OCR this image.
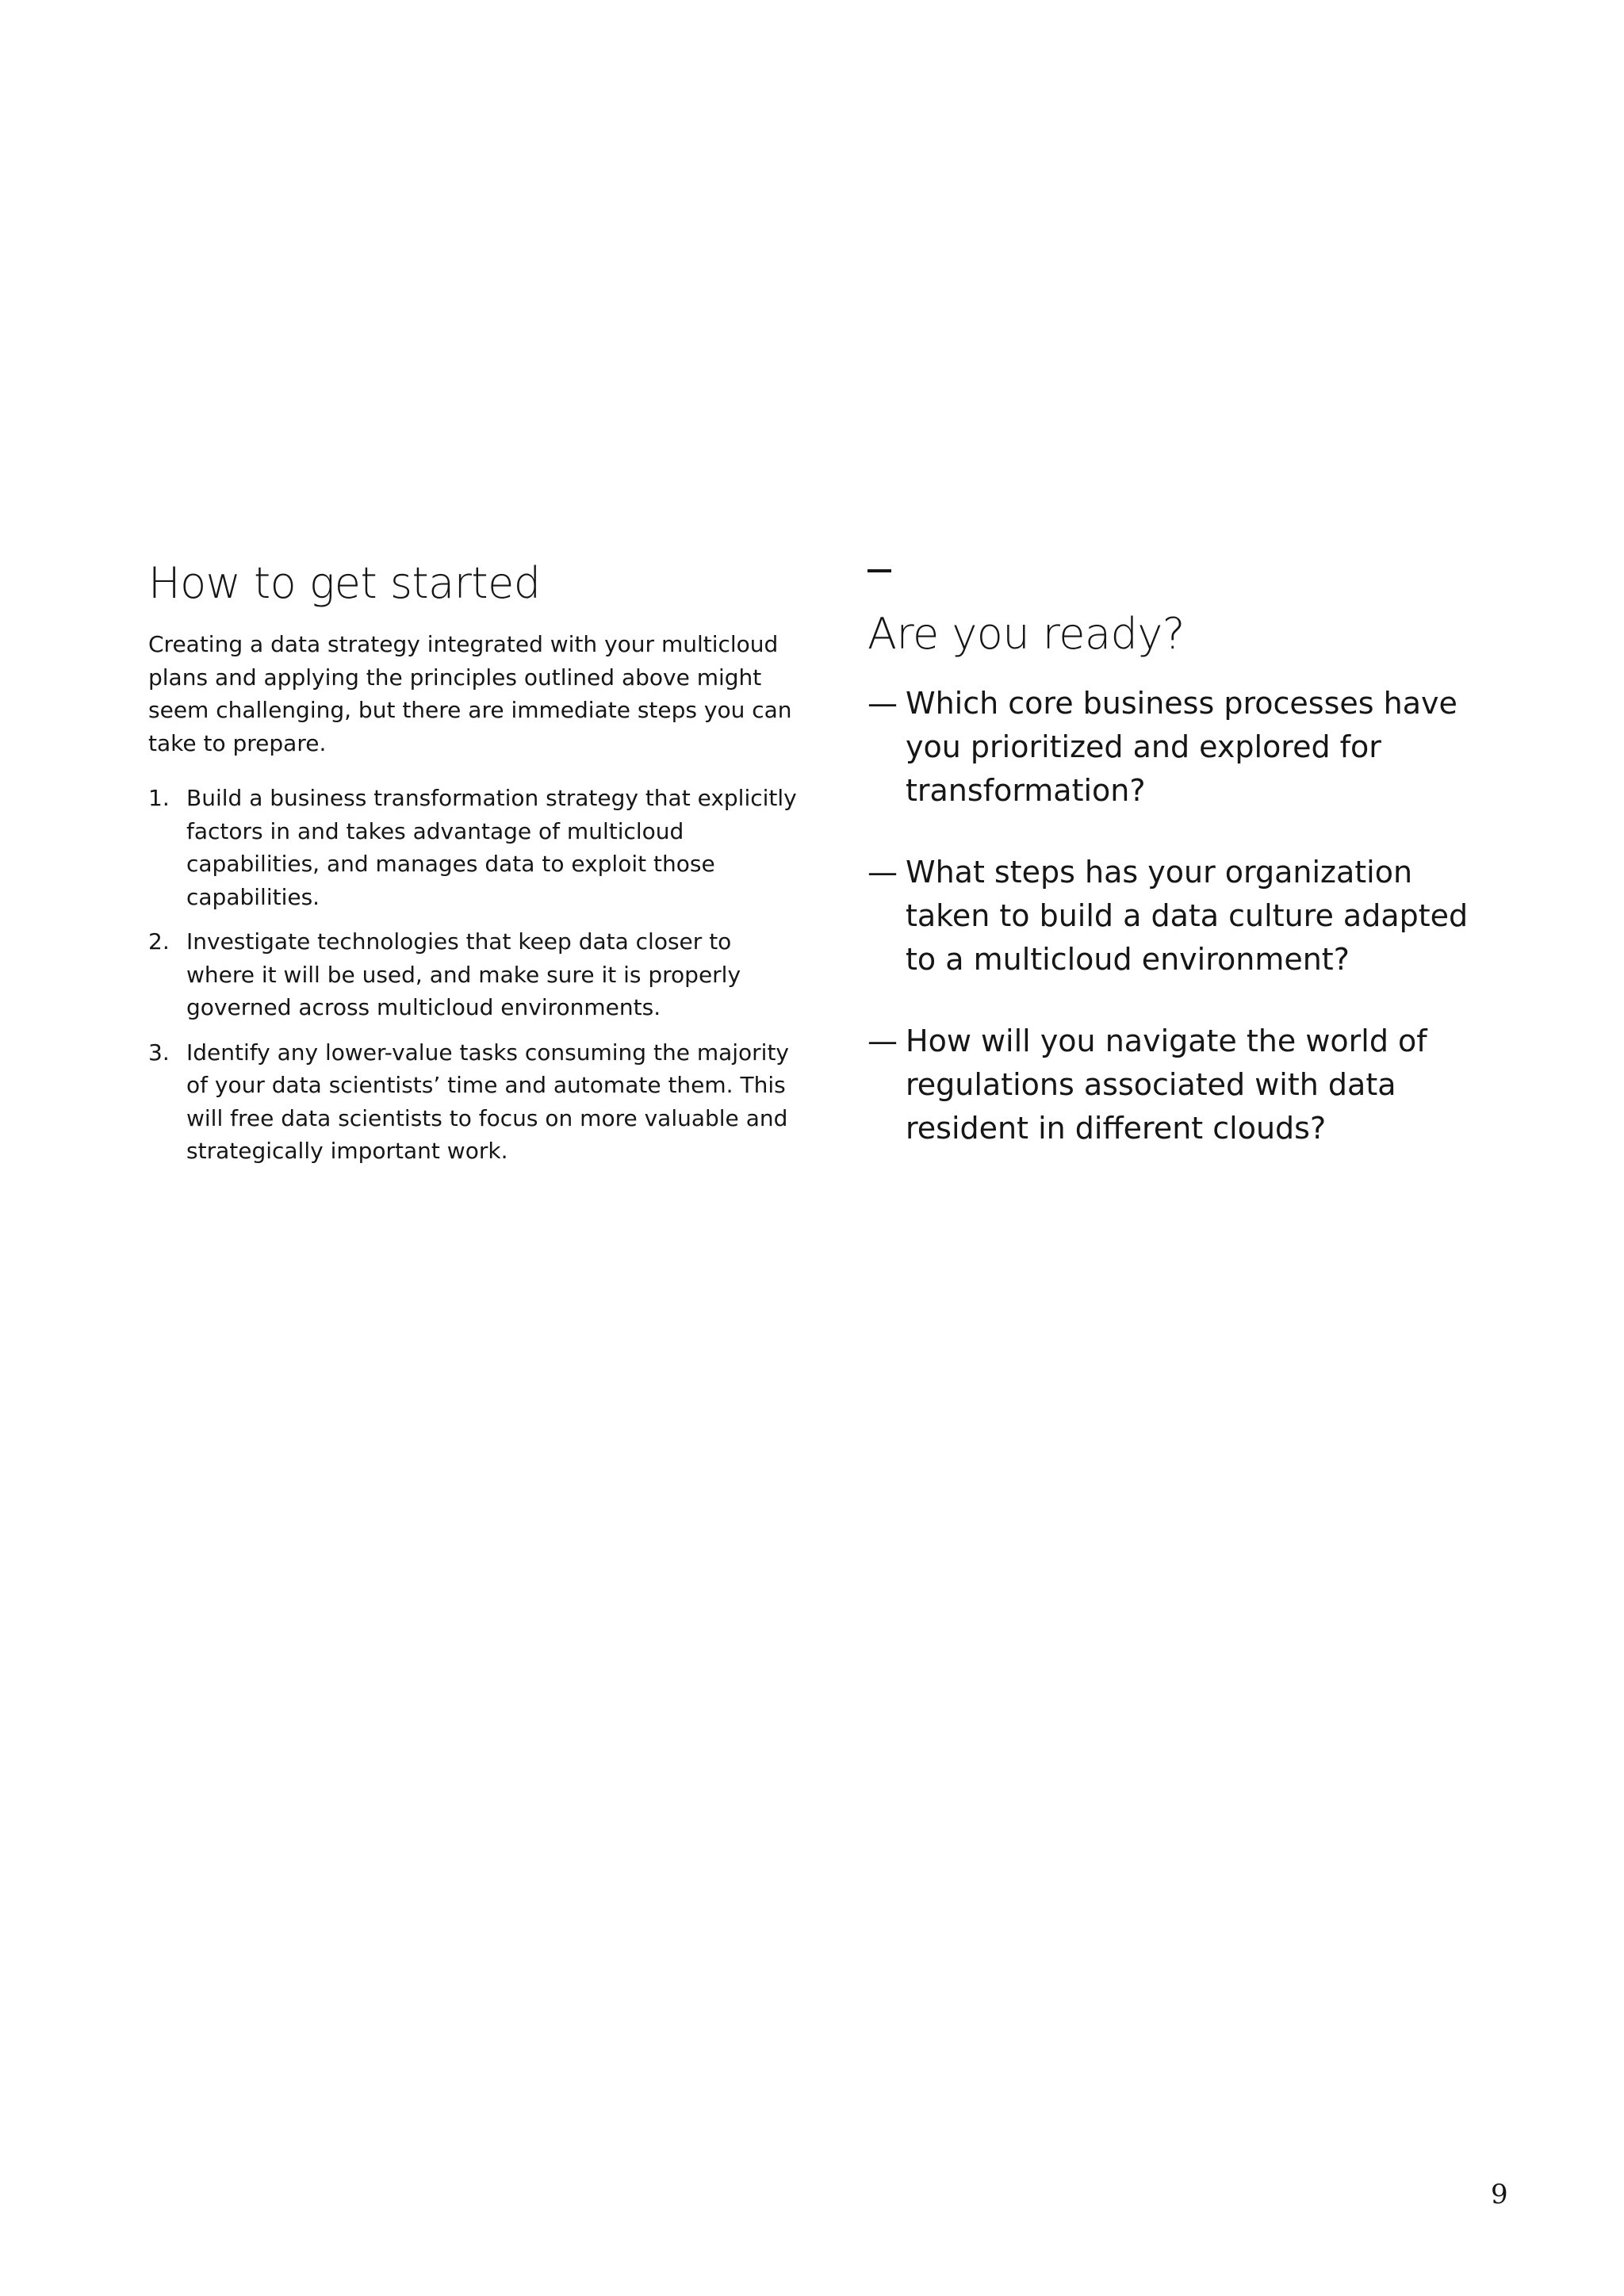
How to get started

Creating a data strategy integrated with your multicloud plans and applying the principles outlined above might seem challenging, but there are immediate steps you can take to prepare.

1. Build a business transformation strategy that explicitly factors in and takes advantage of multicloud capabilities, and manages data to exploit those capabilities.
2. Investigate technologies that keep data closer to where it will be used, and make sure it is properly governed across multicloud environments.
3. Identify any lower-value tasks consuming the majority of your data scientists’ time and automate them. This will free data scientists to focus on more valuable and strategically important work.
Are you ready?
— Which core business processes have you prioritized and explored for transformation?
— What steps has your organization taken to build a data culture adapted to a multicloud environment?
— How will you navigate the world of regulations associated with data resident in different clouds?
9
